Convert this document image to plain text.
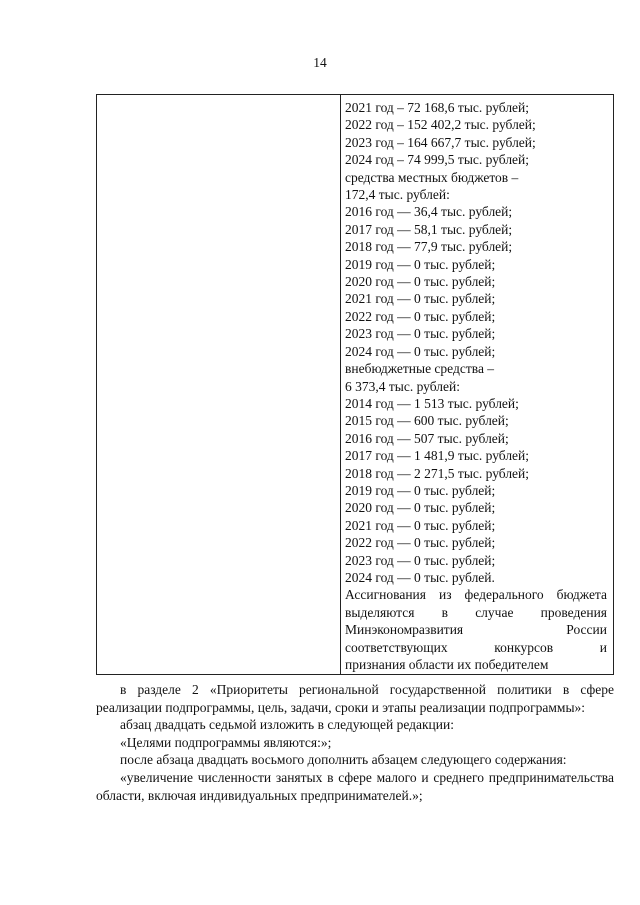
14
2021 год – 72 168,6 тыс. рублей;
2022 год – 152 402,2 тыс. рублей;
2023 год – 164 667,7 тыс. рублей;
2024 год – 74 999,5 тыс. рублей;
средства местных бюджетов –
172,4 тыс. рублей:
2016 год — 36,4 тыс. рублей;
2017 год — 58,1 тыс. рублей;
2018 год — 77,9 тыс. рублей;
2019 год — 0 тыс. рублей;
2020 год — 0 тыс. рублей;
2021 год — 0 тыс. рублей;
2022 год — 0 тыс. рублей;
2023 год — 0 тыс. рублей;
2024 год — 0 тыс. рублей;
внебюджетные средства –
6 373,4 тыс. рублей:
2014 год — 1 513 тыс. рублей;
2015 год — 600 тыс. рублей;
2016 год — 507 тыс. рублей;
2017 год — 1 481,9 тыс. рублей;
2018 год — 2 271,5 тыс. рублей;
2019 год — 0 тыс. рублей;
2020 год — 0 тыс. рублей;
2021 год — 0 тыс. рублей;
2022 год — 0 тыс. рублей;
2023 год — 0 тыс. рублей;
2024 год — 0 тыс. рублей.
Ассигнования из федерального бюджета
выделяются в случае проведения
Минэкономразвития России
соответствующих конкурсов и
признания области их победителем

в разделе 2 «Приоритеты региональной государственной политики в сфере реализации подпрограммы, цель, задачи, сроки и этапы реализации подпрограммы»:

абзац двадцать седьмой изложить в следующей редакции:

«Целями подпрограммы являются:»;

после абзаца двадцать восьмого дополнить абзацем следующего содержания:

«увеличение численности занятых в сфере малого и среднего предпринимательства области, включая индивидуальных предпринимателей.»;
